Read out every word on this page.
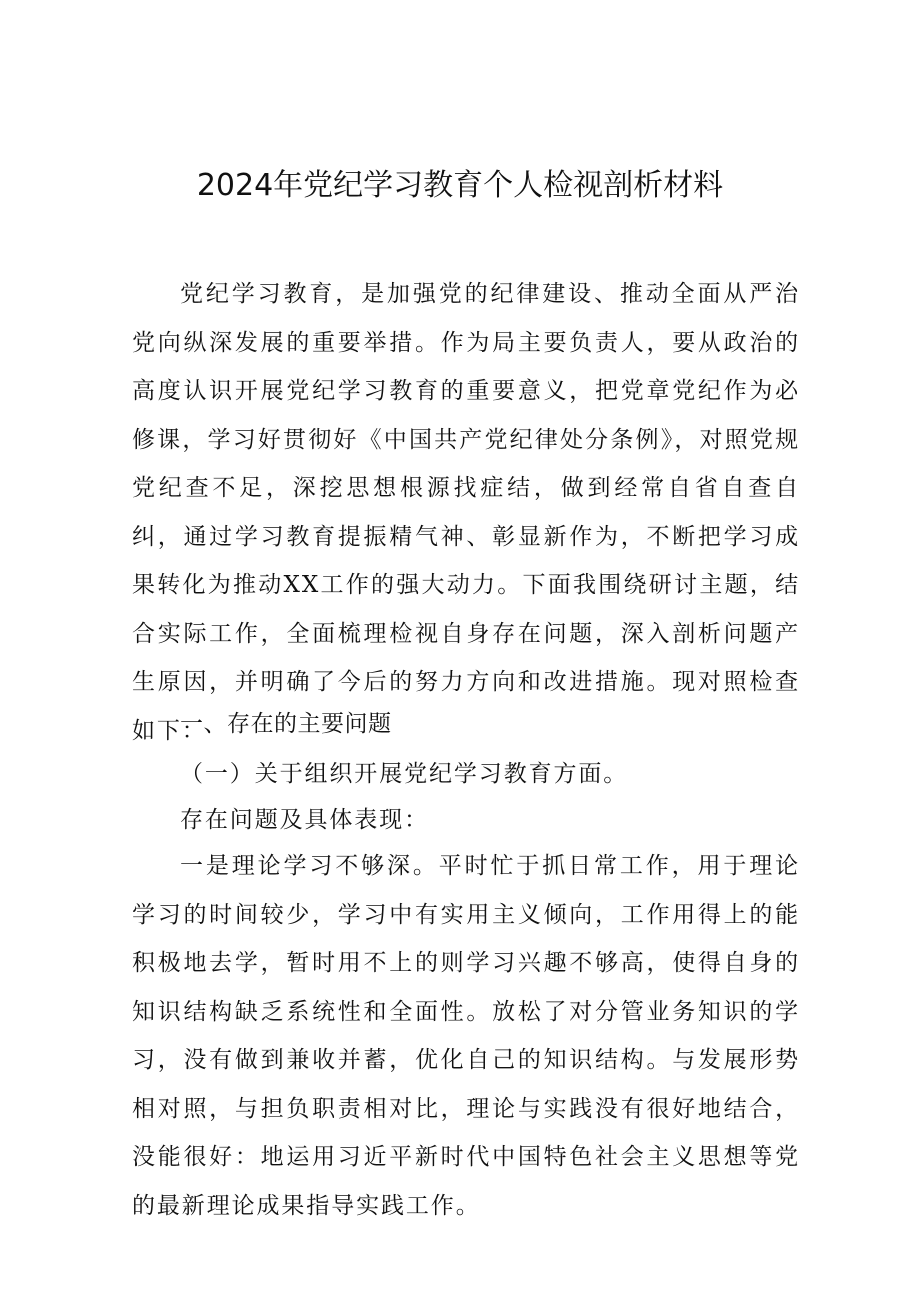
2024年党纪学习教育个人检视剖析材料

党纪学习教育，是加强党的纪律建设、推动全面从严治党向纵深发展的重要举措。作为局主要负责人，要从政治的高度认识开展党纪学习教育的重要意义，把党章党纪作为必修课，学习好贯彻好《中国共产党纪律处分条例》，对照党规党纪查不足，深挖思想根源找症结，做到经常自省自查自纠，通过学习教育提振精气神、彰显新作为，不断把学习成果转化为推动XX工作的强大动力。下面我围绕研讨主题，结合实际工作，全面梳理检视自身存在问题，深入剖析问题产生原因，并明确了今后的努力方向和改进措施。现对照检查如下：

一、存在的主要问题

（一）关于组织开展党纪学习教育方面。

存在问题及具体表现：

一是理论学习不够深。平时忙于抓日常工作，用于理论学习的时间较少，学习中有实用主义倾向，工作用得上的能积极地去学，暂时用不上的则学习兴趣不够高，使得自身的知识结构缺乏系统性和全面性。放松了对分管业务知识的学习，没有做到兼收并蓄，优化自己的知识结构。与发展形势相对照，与担负职责相对比，理论与实践没有很好地结合，没能很好：地运用习近平新时代中国特色社会主义思想等党的最新理论成果指导实践工作。
